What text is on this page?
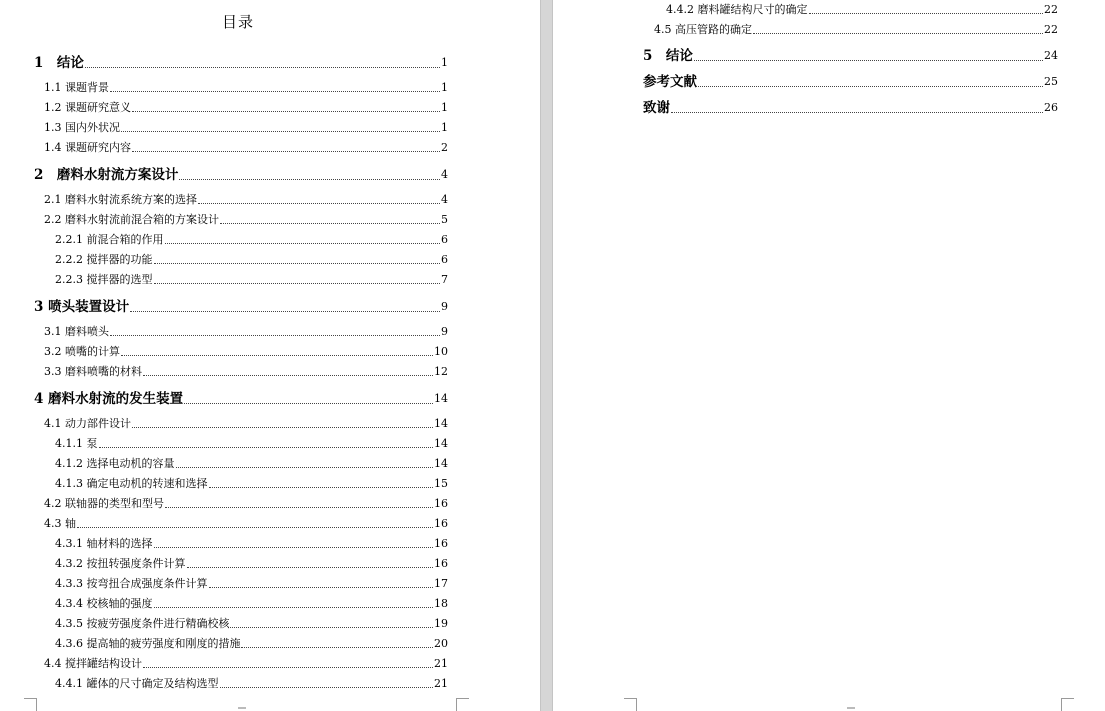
目录
1　结论	1
1.1 课题背景	1
1.2 课题研究意义	1
1.3 国内外状况	1
1.4 课题研究内容	2
2　磨料水射流方案设计	4
2.1 磨料水射流系统方案的选择	4
2.2 磨料水射流前混合箱的方案设计	5
2.2.1 前混合箱的作用	6
2.2.2 搅拌器的功能	6
2.2.3 搅拌器的选型	7
3 喷头装置设计	9
3.1 磨料喷头	9
3.2 喷嘴的计算	10
3.3 磨料喷嘴的材料	12
4 磨料水射流的发生装置	14
4.1 动力部件设计	14
4.1.1 泵	14
4.1.2 选择电动机的容量	14
4.1.3 确定电动机的转速和选择	15
4.2 联轴器的类型和型号	16
4.3 轴	16
4.3.1 轴材料的选择	16
4.3.2 按扭转强度条件计算	16
4.3.3 按弯扭合成强度条件计算	17
4.3.4 校核轴的强度	18
4.3.5 按疲劳强度条件进行精确校核	19
4.3.6 提高轴的疲劳强度和刚度的措施	20
4.4 搅拌罐结构设计	21
4.4.1 罐体的尺寸确定及结构选型	21
4.4.2 磨料罐结构尺寸的确定	22
4.5 高压管路的确定	22
5　结论	24
参考文献	25
致谢	26
